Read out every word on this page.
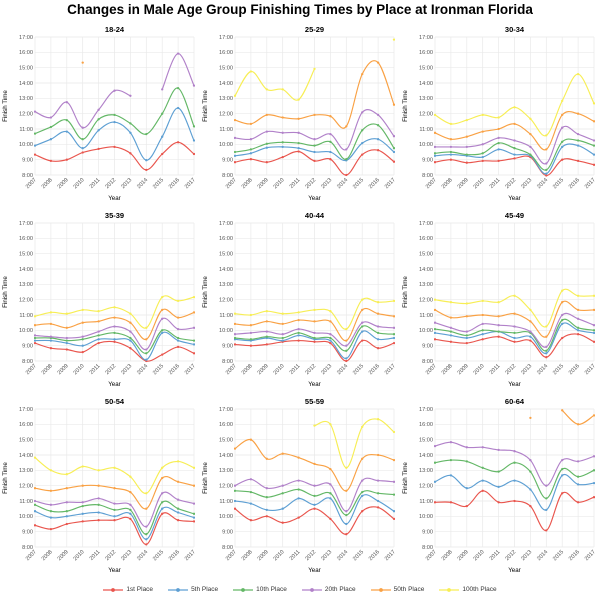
Changes in Male Age Group Finishing Times by Place at Ironman Florida
8:00
9:00
10:00
11:00
12:00
13:00
14:00
15:00
16:00
17:00
2007 2008 2009 2010 2011 2012 2013 2014 2015 2016 2017
18-24
Finish Time
Year
8:00
9:00
10:00
11:00
12:00
13:00
14:00
15:00
16:00
17:00
2007 2008 2009 2010 2011 2012 2013 2014 2015 2016 2017
25-29
Finish Time
Year
8:00
9:00
10:00
11:00
12:00
13:00
14:00
15:00
16:00
17:00
2007 2008 2009 2010 2011 2012 2013 2014 2015 2016 2017
30-34
Finish Time
Year
8:00
9:00
10:00
11:00
12:00
13:00
14:00
15:00
16:00
17:00
2007 2008 2009 2010 2011 2012 2013 2014 2015 2016 2017
35-39
Finish Time
Year
8:00
9:00
10:00
11:00
12:00
13:00
14:00
15:00
16:00
17:00
2007 2008 2009 2010 2011 2012 2013 2014 2015 2016 2017
40-44
Finish Time
Year
8:00
9:00
10:00
11:00
12:00
13:00
14:00
15:00
16:00
17:00
2007 2008 2009 2010 2011 2012 2013 2014 2015 2016 2017
45-49
Finish Time
Year
8:00
9:00
10:00
11:00
12:00
13:00
14:00
15:00
16:00
17:00
2007 2008 2009 2010 2011 2012 2013 2014 2015 2016 2017
50-54
Finish Time
Year
8:00
9:00
10:00
11:00
12:00
13:00
14:00
15:00
16:00
17:00
2007 2008 2009 2010 2011 2012 2013 2014 2015 2016 2017
55-59
Finish Time
Year
8:00
9:00
10:00
11:00
12:00
13:00
14:00
15:00
16:00
17:00
2007 2008 2009 2010 2011 2012 2013 2014 2015 2016 2017
60-64
Finish Time
Year
1st Place	5th Place	10th Place	20th Place	50th Place	100th Place
